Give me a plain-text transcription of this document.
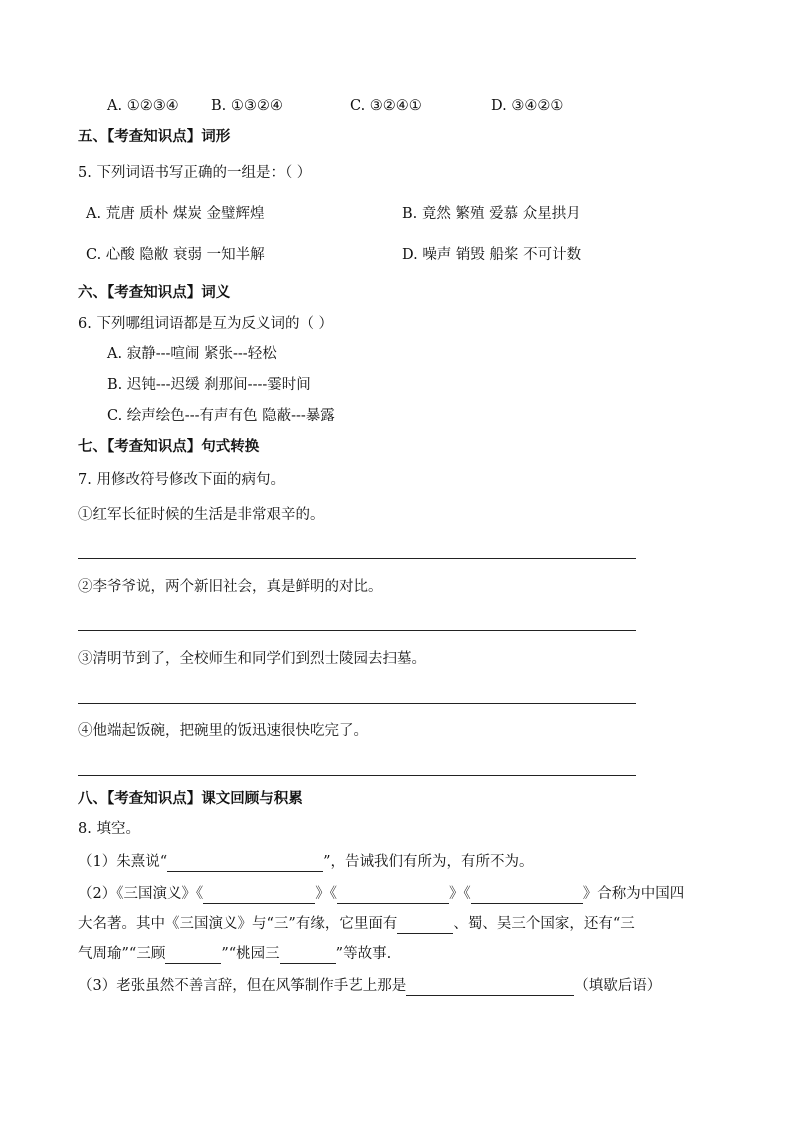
A. ①②③④ B. ①③②④	C. ③②④①	D. ③④②①
五、【考查知识点】词形
5. 下列词语书写正确的一组是：（ ）
A. 荒唐 质朴 煤炭 金璧辉煌	B. 竟然 繁殖 爱慕 众星拱月
C. 心酸 隐敝 衰弱 一知半解	D. 噪声 销毁 船桨 不可计数
六、【考查知识点】词义
6. 下列哪组词语都是互为反义词的（ ）
A. 寂静---喧闹 紧张---轻松
B. 迟钝---迟缓 刹那间----霎时间
C. 绘声绘色---有声有色 隐蔽---暴露
七、【考查知识点】句式转换
7. 用修改符号修改下面的病句。
①红军长征时候的生活是非常艰辛的。
②李爷爷说，两个新旧社会，真是鲜明的对比。
③清明节到了，全校师生和同学们到烈士陵园去扫墓。
④他端起饭碗，把碗里的饭迅速很快吃完了。
八、【考查知识点】课文回顾与积累
8. 填空。
（1）朱熹说“	”，告诫我们有所为，有所不为。
（2）《三国演义》《	》《	》《	》合称为中国四
大名著。其中《三国演义》与“三”有缘，它里面有	、蜀、吴三个国家，还有“三
气周瑜”“三顾	”“桃园三	”等故事.
（3）老张虽然不善言辞，但在风筝制作手艺上那是	（填歇后语）
